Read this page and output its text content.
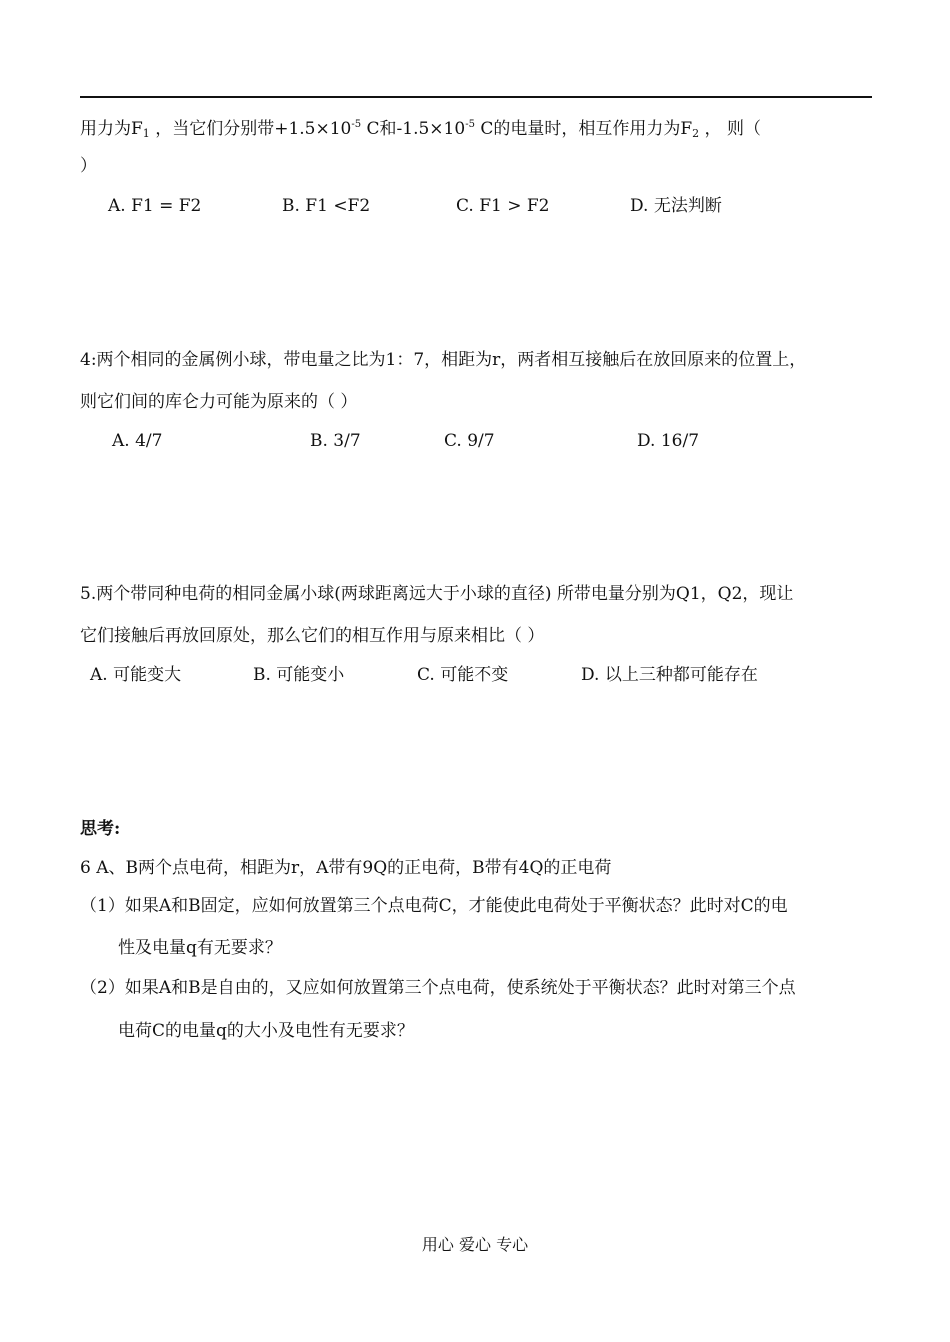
用力为$F_1$ ，当它们分别带$+1.5\times 10^{-5}$ C和$-1.5\times 10^{-5}$ C的电量时，相互作用力为$F_2$ ， 则（
）
A. F1 = F2	B. F1 <F2	C. F1 > F2	D. 无法判断
4:两个相同的金属例小球，带电量之比为1：7，相距为r，两者相互接触后在放回原来的位置上，
则它们间的库仑力可能为原来的（ ）
A. 4/7	B. 3/7	C. 9/7	D. 16/7
5.两个带同种电荷的相同金属小球(两球距离远大于小球的直径) 所带电量分别为Q1，Q2，现让
它们接触后再放回原处，那么它们的相互作用与原来相比（ ）
A. 可能变大	B. 可能变小	C. 可能不变	D. 以上三种都可能存在
思考:
6 A、B两个点电荷，相距为r，A带有9Q的正电荷，B带有4Q的正电荷
（1）如果A和B固定，应如何放置第三个点电荷C，才能使此电荷处于平衡状态？此时对C的电
性及电量q有无要求？
（2）如果A和B是自由的，又应如何放置第三个点电荷，使系统处于平衡状态？此时对第三个点
电荷C的电量q的大小及电性有无要求？
用心 爱心 专心
